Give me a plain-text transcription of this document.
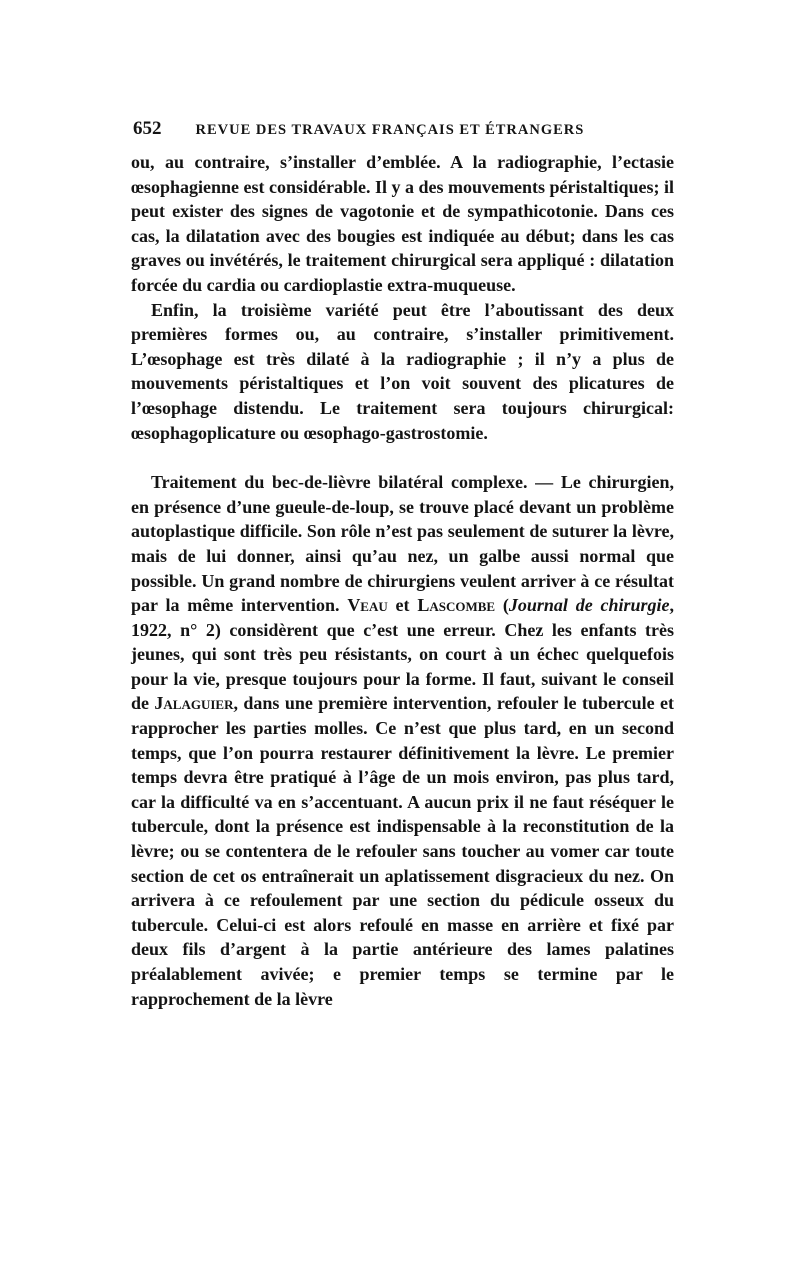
652 REVUE DES TRAVAUX FRANÇAIS ET ÉTRANGERS

ou, au contraire, s’installer d’emblée. A la radiographie, l’ectasie œsophagienne est considérable. Il y a des mouvements péristaltiques; il peut exister des signes de vagotonie et de sympathicotonie. Dans ces cas, la dilatation avec des bougies est indiquée au début; dans les cas graves ou invétérés, le traitement chirurgical sera appliqué : dilatation forcée du cardia ou cardioplastie extra-muqueuse.

Enfin, la troisième variété peut être l’aboutissant des deux premières formes ou, au contraire, s’installer primitivement. L’œsophage est très dilaté à la radiographie ; il n’y a plus de mouvements péristaltiques et l’on voit souvent des plicatures de l’œsophage distendu. Le traitement sera toujours chirurgical: œsophagoplicature ou œsophago-gastrostomie.

Traitement du bec-de-lièvre bilatéral complexe. — Le chirurgien, en présence d’une gueule-de-loup, se trouve placé devant un problème autoplastique difficile. Son rôle n’est pas seulement de suturer la lèvre, mais de lui donner, ainsi qu’au nez, un galbe aussi normal que possible. Un grand nombre de chirurgiens veulent arriver à ce résultat par la même intervention. Veau et Lascombe (Journal de chirurgie, 1922, n° 2) considèrent que c’est une erreur. Chez les enfants très jeunes, qui sont très peu résistants, on court à un échec quelquefois pour la vie, presque toujours pour la forme. Il faut, suivant le conseil de Jalaguier, dans une première intervention, refouler le tubercule et rapprocher les parties molles. Ce n’est que plus tard, en un second temps, que l’on pourra restaurer définitivement la lèvre. Le premier temps devra être pratiqué à l’âge de un mois environ, pas plus tard, car la difficulté va en s’accentuant. A aucun prix il ne faut réséquer le tubercule, dont la présence est indispensable à la reconstitution de la lèvre; ou se contentera de le refouler sans toucher au vomer car toute section de cet os entraînerait un aplatissement disgracieux du nez. On arrivera à ce refoulement par une section du pédicule osseux du tubercule. Celui-ci est alors refoulé en masse en arrière et fixé par deux fils d’argent à la partie antérieure des lames palatines préalablement avivée; e premier temps se termine par le rapprochement de la lèvre
